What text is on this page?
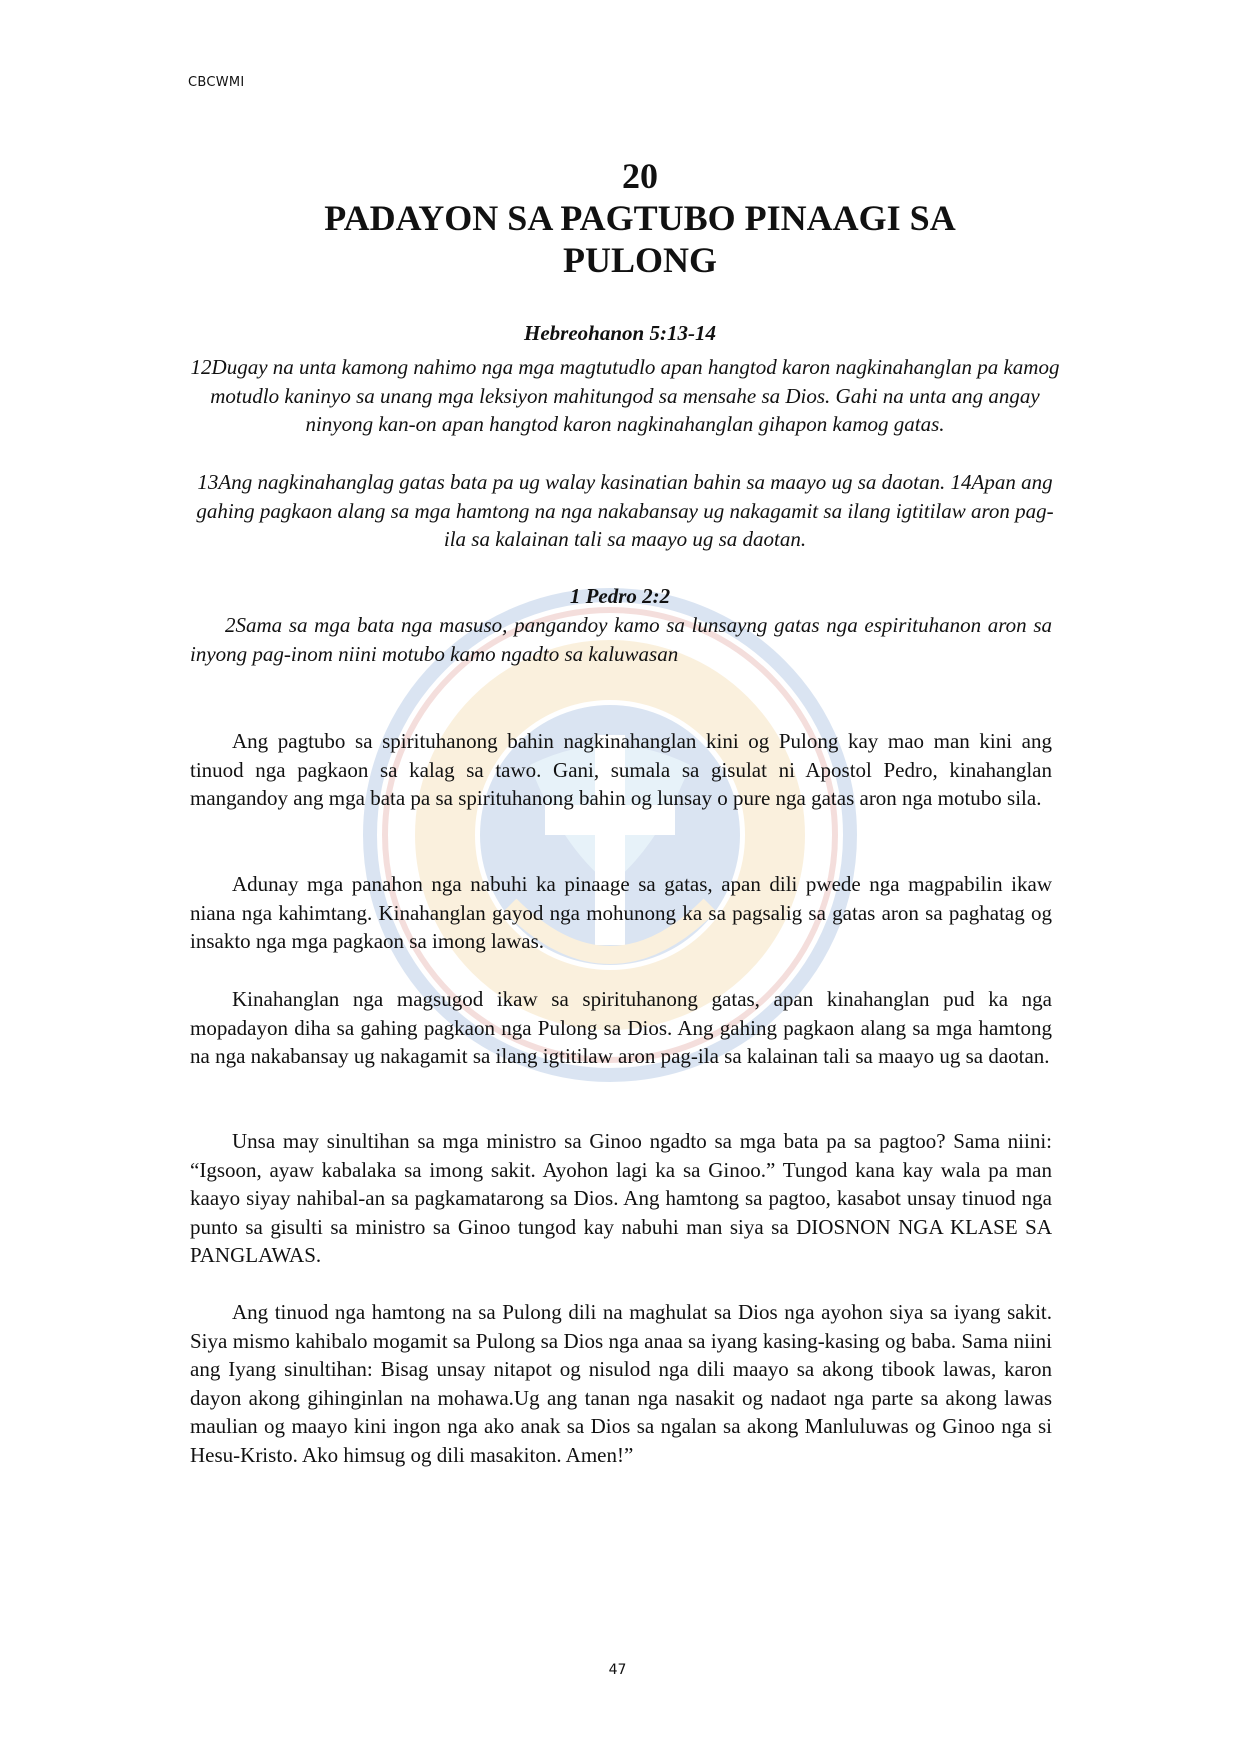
CBCWMI
20
PADAYON SA PAGTUBO PINAAGI SA
PULONG
Hebreohanon 5:13-14
12Dugay na unta kamong nahimo nga mga magtutudlo apan hangtod karon nagkinahanglan pa kamog motudlo kaninyo sa unang mga leksiyon mahitungod sa mensahe sa Dios. Gahi na unta ang angay ninyong kan-on apan hangtod karon nagkinahanglan gihapon kamog gatas.
13Ang nagkinahanglag gatas bata pa ug walay kasinatian bahin sa maayo ug sa daotan. 14Apan ang gahing pagkaon alang sa mga hamtong na nga nakabansay ug nakagamit sa ilang igtitilaw aron pag-ila sa kalainan tali sa maayo ug sa daotan.
1 Pedro 2:2
2Sama sa mga bata nga masuso, pangandoy kamo sa lunsayng gatas nga espirituhanon aron sa inyong pag-inom niini motubo kamo ngadto sa kaluwasan

Ang pagtubo sa spirituhanong bahin nagkinahanglan kini og Pulong kay mao man kini ang tinuod nga pagkaon sa kalag sa tawo. Gani, sumala sa gisulat ni Apostol Pedro, kinahanglan mangandoy ang mga bata pa sa spirituhanong bahin og lunsay o pure nga gatas aron nga motubo sila.

Adunay mga panahon nga nabuhi ka pinaage sa gatas, apan dili pwede nga magpabilin ikaw niana nga kahimtang. Kinahanglan gayod nga mohunong ka sa pagsalig sa gatas aron sa paghatag og insakto nga mga pagkaon sa imong lawas.

Kinahanglan nga magsugod ikaw sa spirituhanong gatas, apan kinahanglan pud ka nga mopadayon diha sa gahing pagkaon nga Pulong sa Dios. Ang gahing pagkaon alang sa mga hamtong na nga nakabansay ug nakagamit sa ilang igtitilaw aron pag-ila sa kalainan tali sa maayo ug sa daotan.

Unsa may sinultihan sa mga ministro sa Ginoo ngadto sa mga bata pa sa pagtoo? Sama niini: “Igsoon, ayaw kabalaka sa imong sakit. Ayohon lagi ka sa Ginoo.” Tungod kana kay wala pa man kaayo siyay nahibal-an sa pagkamatarong sa Dios. Ang hamtong sa pagtoo, kasabot unsay tinuod nga punto sa gisulti sa ministro sa Ginoo tungod kay nabuhi man siya sa DIOSNON NGA KLASE SA PANGLAWAS.

Ang tinuod nga hamtong na sa Pulong dili na maghulat sa Dios nga ayohon siya sa iyang sakit. Siya mismo kahibalo mogamit sa Pulong sa Dios nga anaa sa iyang kasing-kasing og baba. Sama niini ang Iyang sinultihan: Bisag unsay nitapot og nisulod nga dili maayo sa akong tibook lawas, karon dayon akong gihinginlan na mohawa.Ug ang tanan nga nasakit og nadaot nga parte sa akong lawas maulian og maayo kini ingon nga ako anak sa Dios sa ngalan sa akong Manluluwas og Ginoo nga si Hesu-Kristo. Ako himsug og dili masakiton. Amen!”

47
